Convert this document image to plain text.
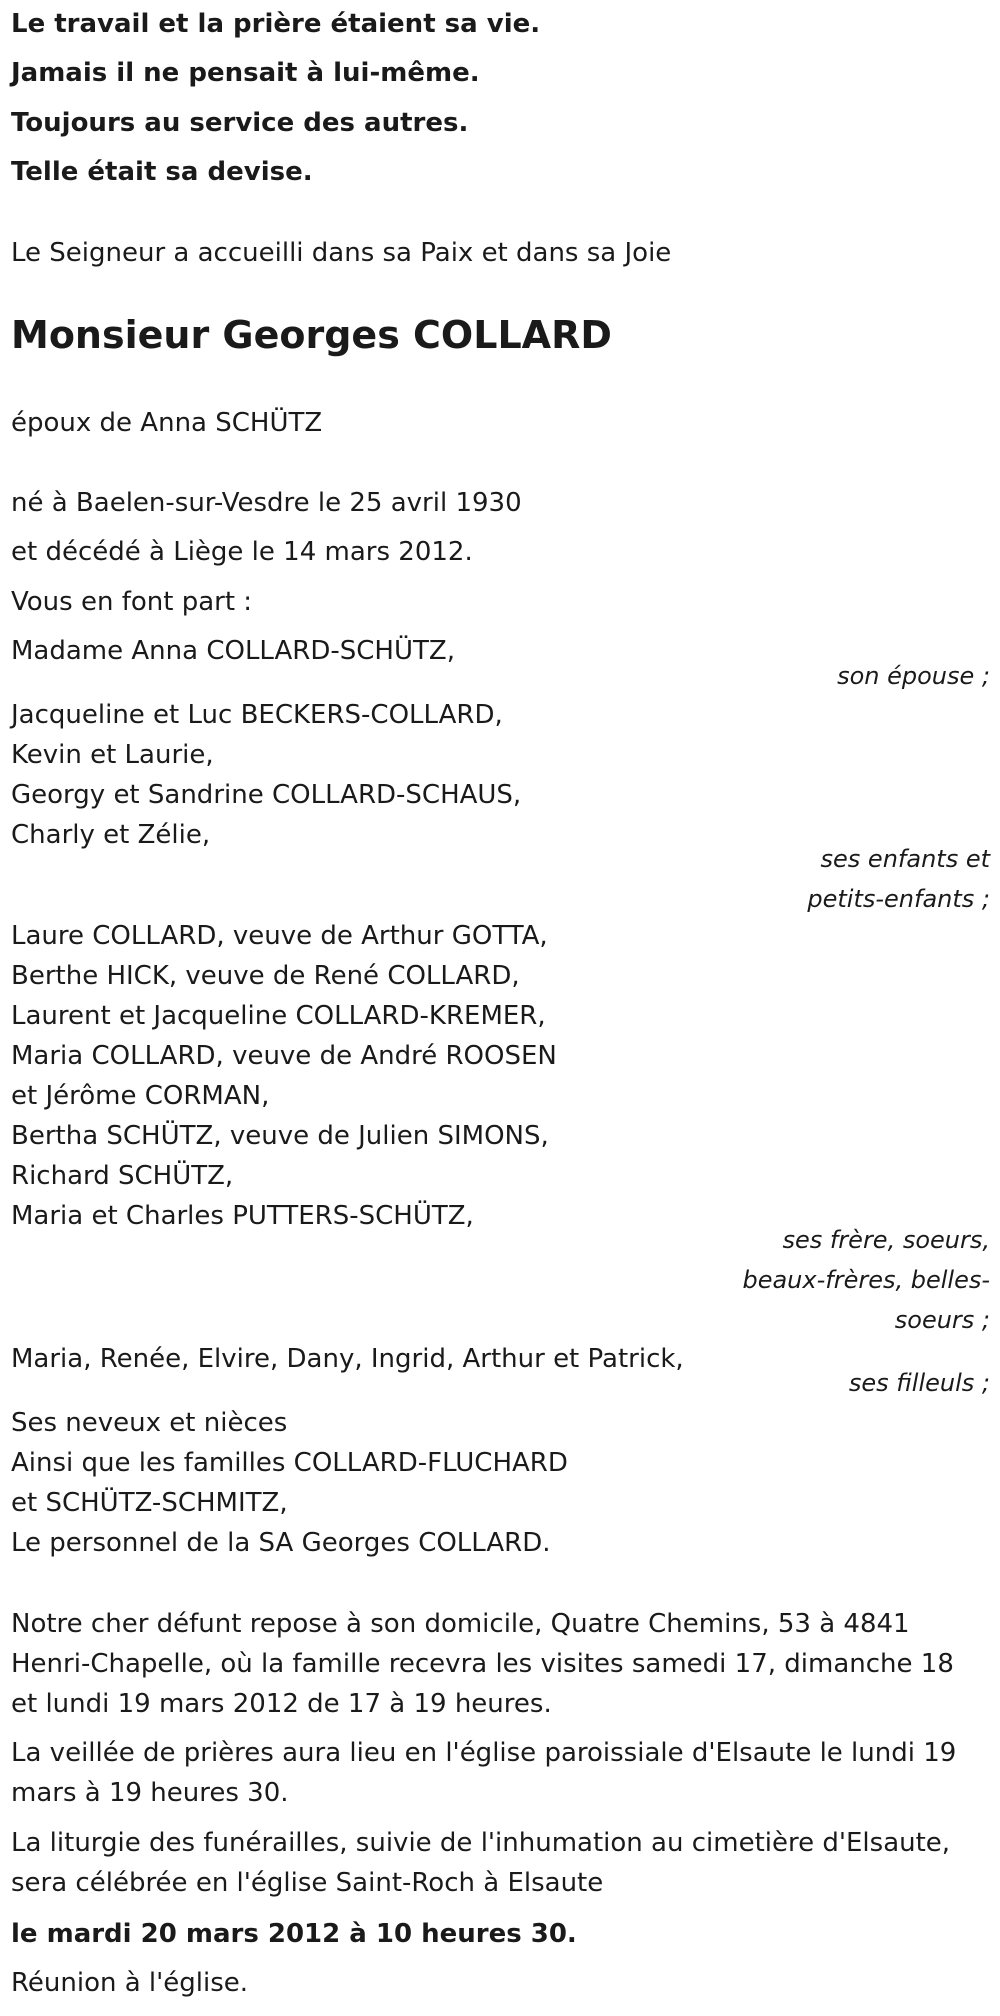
Le travail et la prière étaient sa vie.
Jamais il ne pensait à lui-même.
Toujours au service des autres.
Telle était sa devise.
Le Seigneur a accueilli dans sa Paix et dans sa Joie
Monsieur Georges COLLARD
époux de Anna SCHÜTZ
né à Baelen-sur-Vesdre le 25 avril 1930
et décédé à Liège le 14 mars 2012.
Vous en font part :
Madame Anna COLLARD-SCHÜTZ,
son épouse ;
Jacqueline et Luc BECKERS-COLLARD,
Kevin et Laurie,
Georgy et Sandrine COLLARD-SCHAUS,
Charly et Zélie,
ses enfants et
petits-enfants ;
Laure COLLARD, veuve de Arthur GOTTA,
Berthe HICK, veuve de René COLLARD,
Laurent et Jacqueline COLLARD-KREMER,
Maria COLLARD, veuve de André ROOSEN
et Jérôme CORMAN,
Bertha SCHÜTZ, veuve de Julien SIMONS,
Richard SCHÜTZ,
Maria et Charles PUTTERS-SCHÜTZ,
ses frère, soeurs,
beaux-frères, belles-
soeurs ;
Maria, Renée, Elvire, Dany, Ingrid, Arthur et Patrick,
ses filleuls ;
Ses neveux et nièces
Ainsi que les familles COLLARD-FLUCHARD
et SCHÜTZ-SCHMITZ,
Le personnel de la SA Georges COLLARD.
Notre cher défunt repose à son domicile, Quatre Chemins, 53 à 4841 Henri-Chapelle, où la famille recevra les visites samedi 17, dimanche 18 et lundi 19 mars 2012 de 17 à 19 heures.
La veillée de prières aura lieu en l'église paroissiale d'Elsaute le lundi 19 mars à 19 heures 30.
La liturgie des funérailles, suivie de l'inhumation au cimetière d'Elsaute, sera célébrée en l'église Saint-Roch à Elsaute
le mardi 20 mars 2012 à 10 heures 30.
Réunion à l'église.
